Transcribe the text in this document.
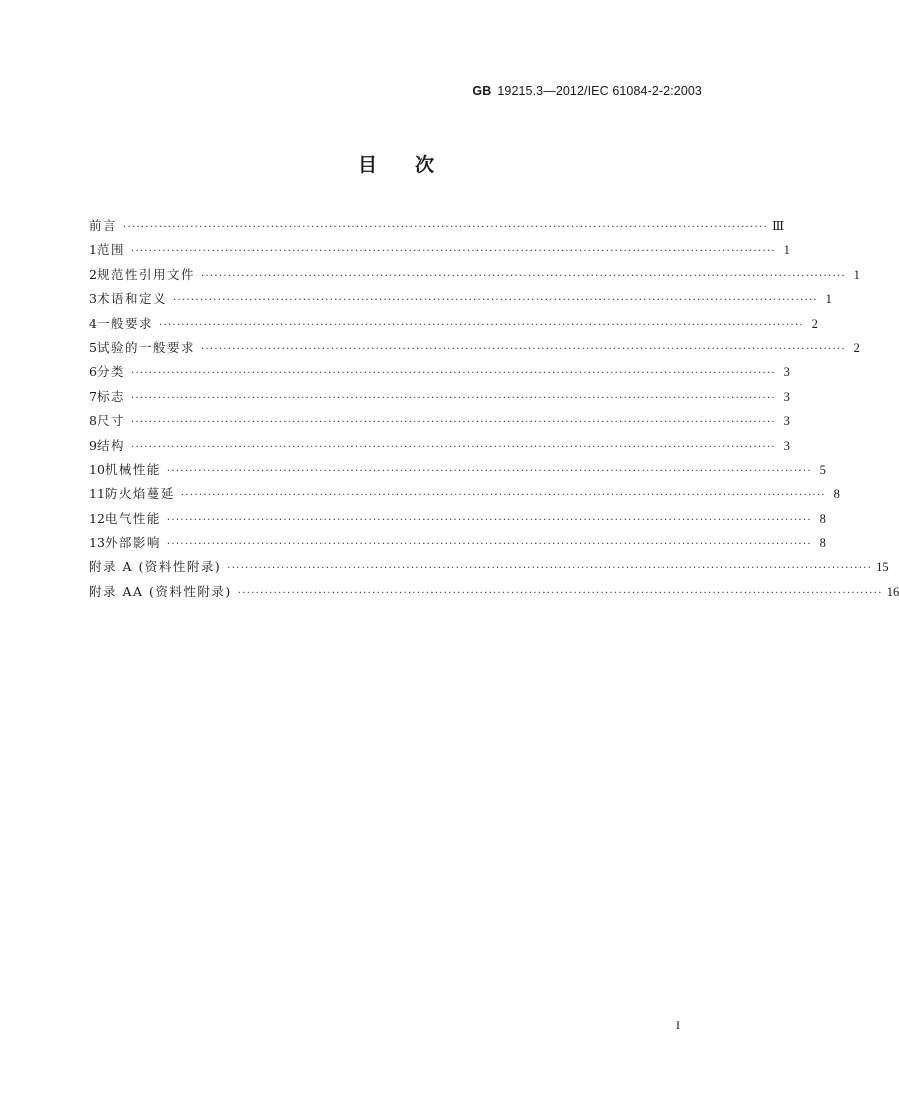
GB 19215.3—2012/IEC 61084-2-2:2003
目次
前言 ················································································································································ Ⅲ
1 范围 ················································································································································ 1
2 规范性引用文件 ················································································································································ 1
3 术语和定义 ················································································································································ 1
4 一般要求 ················································································································································ 2
5 试验的一般要求 ················································································································································ 2
6 分类 ················································································································································ 3
7 标志 ················································································································································ 3
8 尺寸 ················································································································································ 3
9 结构 ················································································································································ 3
10 机械性能 ················································································································································ 5
11 防火焰蔓延 ················································································································································ 8
12 电气性能 ················································································································································ 8
13 外部影响 ················································································································································ 8
附录 A (资料性附录) ················································································································································ 15
附录 AA (资料性附录) ················································································································································ 16
I
